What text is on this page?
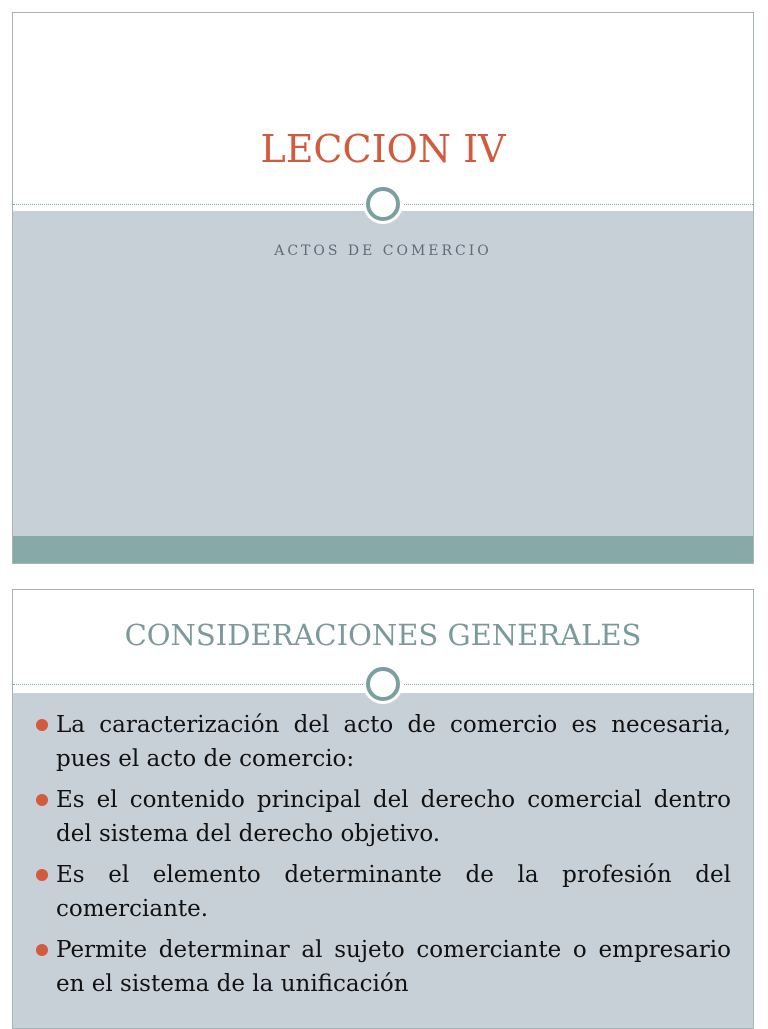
LECCION IV
ACTOS DE COMERCIO
CONSIDERACIONES GENERALES
La caracterización del acto de comercio es necesaria, pues el acto de comercio:
Es el contenido principal del derecho comercial dentro del sistema del derecho objetivo.
Es el elemento determinante de la profesión del comerciante.
Permite determinar al sujeto comerciante o empresario en el sistema de la unificación
